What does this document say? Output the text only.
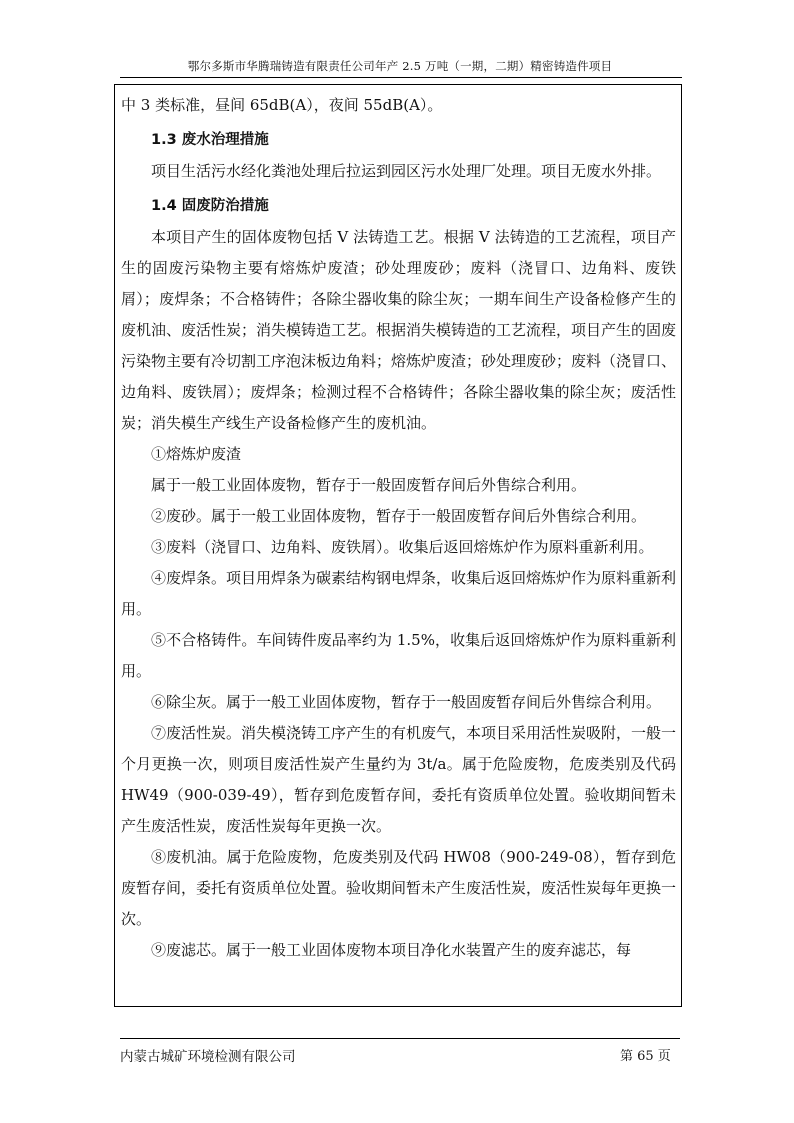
鄂尔多斯市华腾瑞铸造有限责任公司年产 2.5 万吨（一期，二期）精密铸造件项目

中 3 类标准，昼间 65dB(A），夜间 55dB(A）。

1.3 废水治理措施

项目生活污水经化粪池处理后拉运到园区污水处理厂处理。项目无废水外排。

1.4 固废防治措施

本项目产生的固体废物包括 V 法铸造工艺。根据 V 法铸造的工艺流程，项目产生的固废污染物主要有熔炼炉废渣；砂处理废砂；废料（浇冒口、边角料、废铁屑）；废焊条；不合格铸件；各除尘器收集的除尘灰；一期车间生产设备检修产生的废机油、废活性炭；消失模铸造工艺。根据消失模铸造的工艺流程，项目产生的固废污染物主要有冷切割工序泡沫板边角料；熔炼炉废渣；砂处理废砂；废料（浇冒口、边角料、废铁屑）；废焊条；检测过程不合格铸件；各除尘器收集的除尘灰；废活性炭；消失模生产线生产设备检修产生的废机油。

①熔炼炉废渣

属于一般工业固体废物，暂存于一般固废暂存间后外售综合利用。

②废砂。属于一般工业固体废物，暂存于一般固废暂存间后外售综合利用。

③废料（浇冒口、边角料、废铁屑）。收集后返回熔炼炉作为原料重新利用。

④废焊条。项目用焊条为碳素结构钢电焊条，收集后返回熔炼炉作为原料重新利用。

⑤不合格铸件。车间铸件废品率约为 1.5%，收集后返回熔炼炉作为原料重新利用。

⑥除尘灰。属于一般工业固体废物，暂存于一般固废暂存间后外售综合利用。

⑦废活性炭。消失模浇铸工序产生的有机废气，本项目采用活性炭吸附，一般一个月更换一次，则项目废活性炭产生量约为 3t/a。属于危险废物，危废类别及代码 HW49（900-039-49），暂存到危废暂存间，委托有资质单位处置。验收期间暂未产生废活性炭，废活性炭每年更换一次。

⑧废机油。属于危险废物，危废类别及代码 HW08（900-249-08），暂存到危废暂存间，委托有资质单位处置。验收期间暂未产生废活性炭，废活性炭每年更换一次。

⑨废滤芯。属于一般工业固体废物本项目净化水装置产生的废弃滤芯，每

内蒙古城矿环境检测有限公司	第 65 页
